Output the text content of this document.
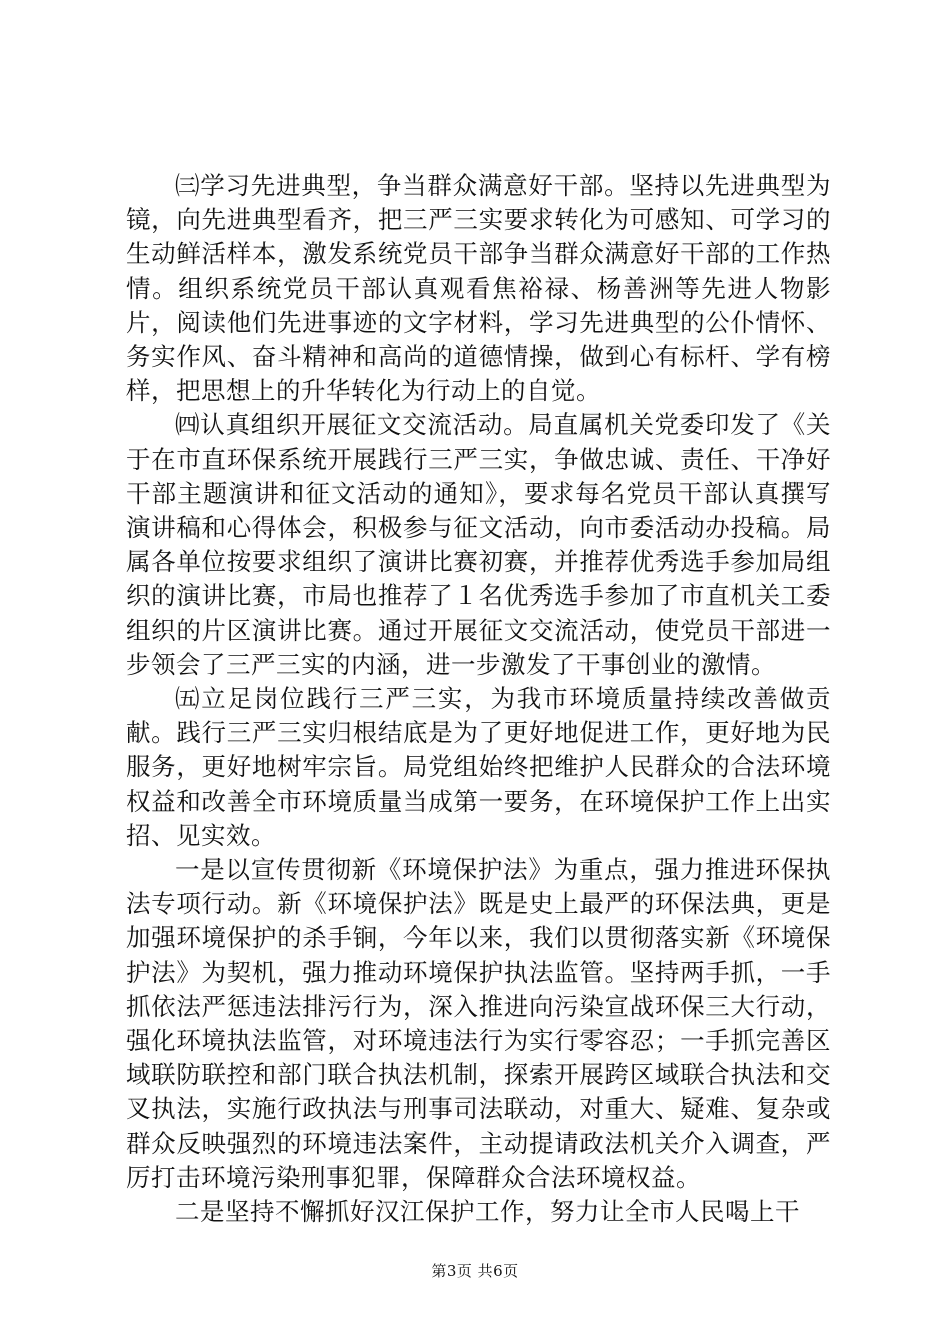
㈢学习先进典型，争当群众满意好干部。坚持以先进典型为镜，向先进典型看齐，把三严三实要求转化为可感知、可学习的生动鲜活样本，激发系统党员干部争当群众满意好干部的工作热情。组织系统党员干部认真观看焦裕禄、杨善洲等先进人物影片，阅读他们先进事迹的文字材料，学习先进典型的公仆情怀、务实作风、奋斗精神和高尚的道德情操，做到心有标杆、学有榜样，把思想上的升华转化为行动上的自觉。

㈣认真组织开展征文交流活动。局直属机关党委印发了《关于在市直环保系统开展践行三严三实，争做忠诚、责任、干净好干部主题演讲和征文活动的通知》，要求每名党员干部认真撰写演讲稿和心得体会，积极参与征文活动，向市委活动办投稿。局属各单位按要求组织了演讲比赛初赛，并推荐优秀选手参加局组织的演讲比赛，市局也推荐了１名优秀选手参加了市直机关工委组织的片区演讲比赛。通过开展征文交流活动，使党员干部进一步领会了三严三实的内涵，进一步激发了干事创业的激情。

㈤立足岗位践行三严三实，为我市环境质量持续改善做贡献。践行三严三实归根结底是为了更好地促进工作，更好地为民服务，更好地树牢宗旨。局党组始终把维护人民群众的合法环境权益和改善全市环境质量当成第一要务，在环境保护工作上出实招、见实效。

一是以宣传贯彻新《环境保护法》为重点，强力推进环保执法专项行动。新《环境保护法》既是史上最严的环保法典，更是加强环境保护的杀手锏，今年以来，我们以贯彻落实新《环境保护法》为契机，强力推动环境保护执法监管。坚持两手抓，一手抓依法严惩违法排污行为，深入推进向污染宣战环保三大行动，强化环境执法监管，对环境违法行为实行零容忍；一手抓完善区域联防联控和部门联合执法机制，探索开展跨区域联合执法和交叉执法，实施行政执法与刑事司法联动，对重大、疑难、复杂或群众反映强烈的环境违法案件，主动提请政法机关介入调查，严厉打击环境污染刑事犯罪，保障群众合法环境权益。

二是坚持不懈抓好汉江保护工作，努力让全市人民喝上干

第3页 共6页
